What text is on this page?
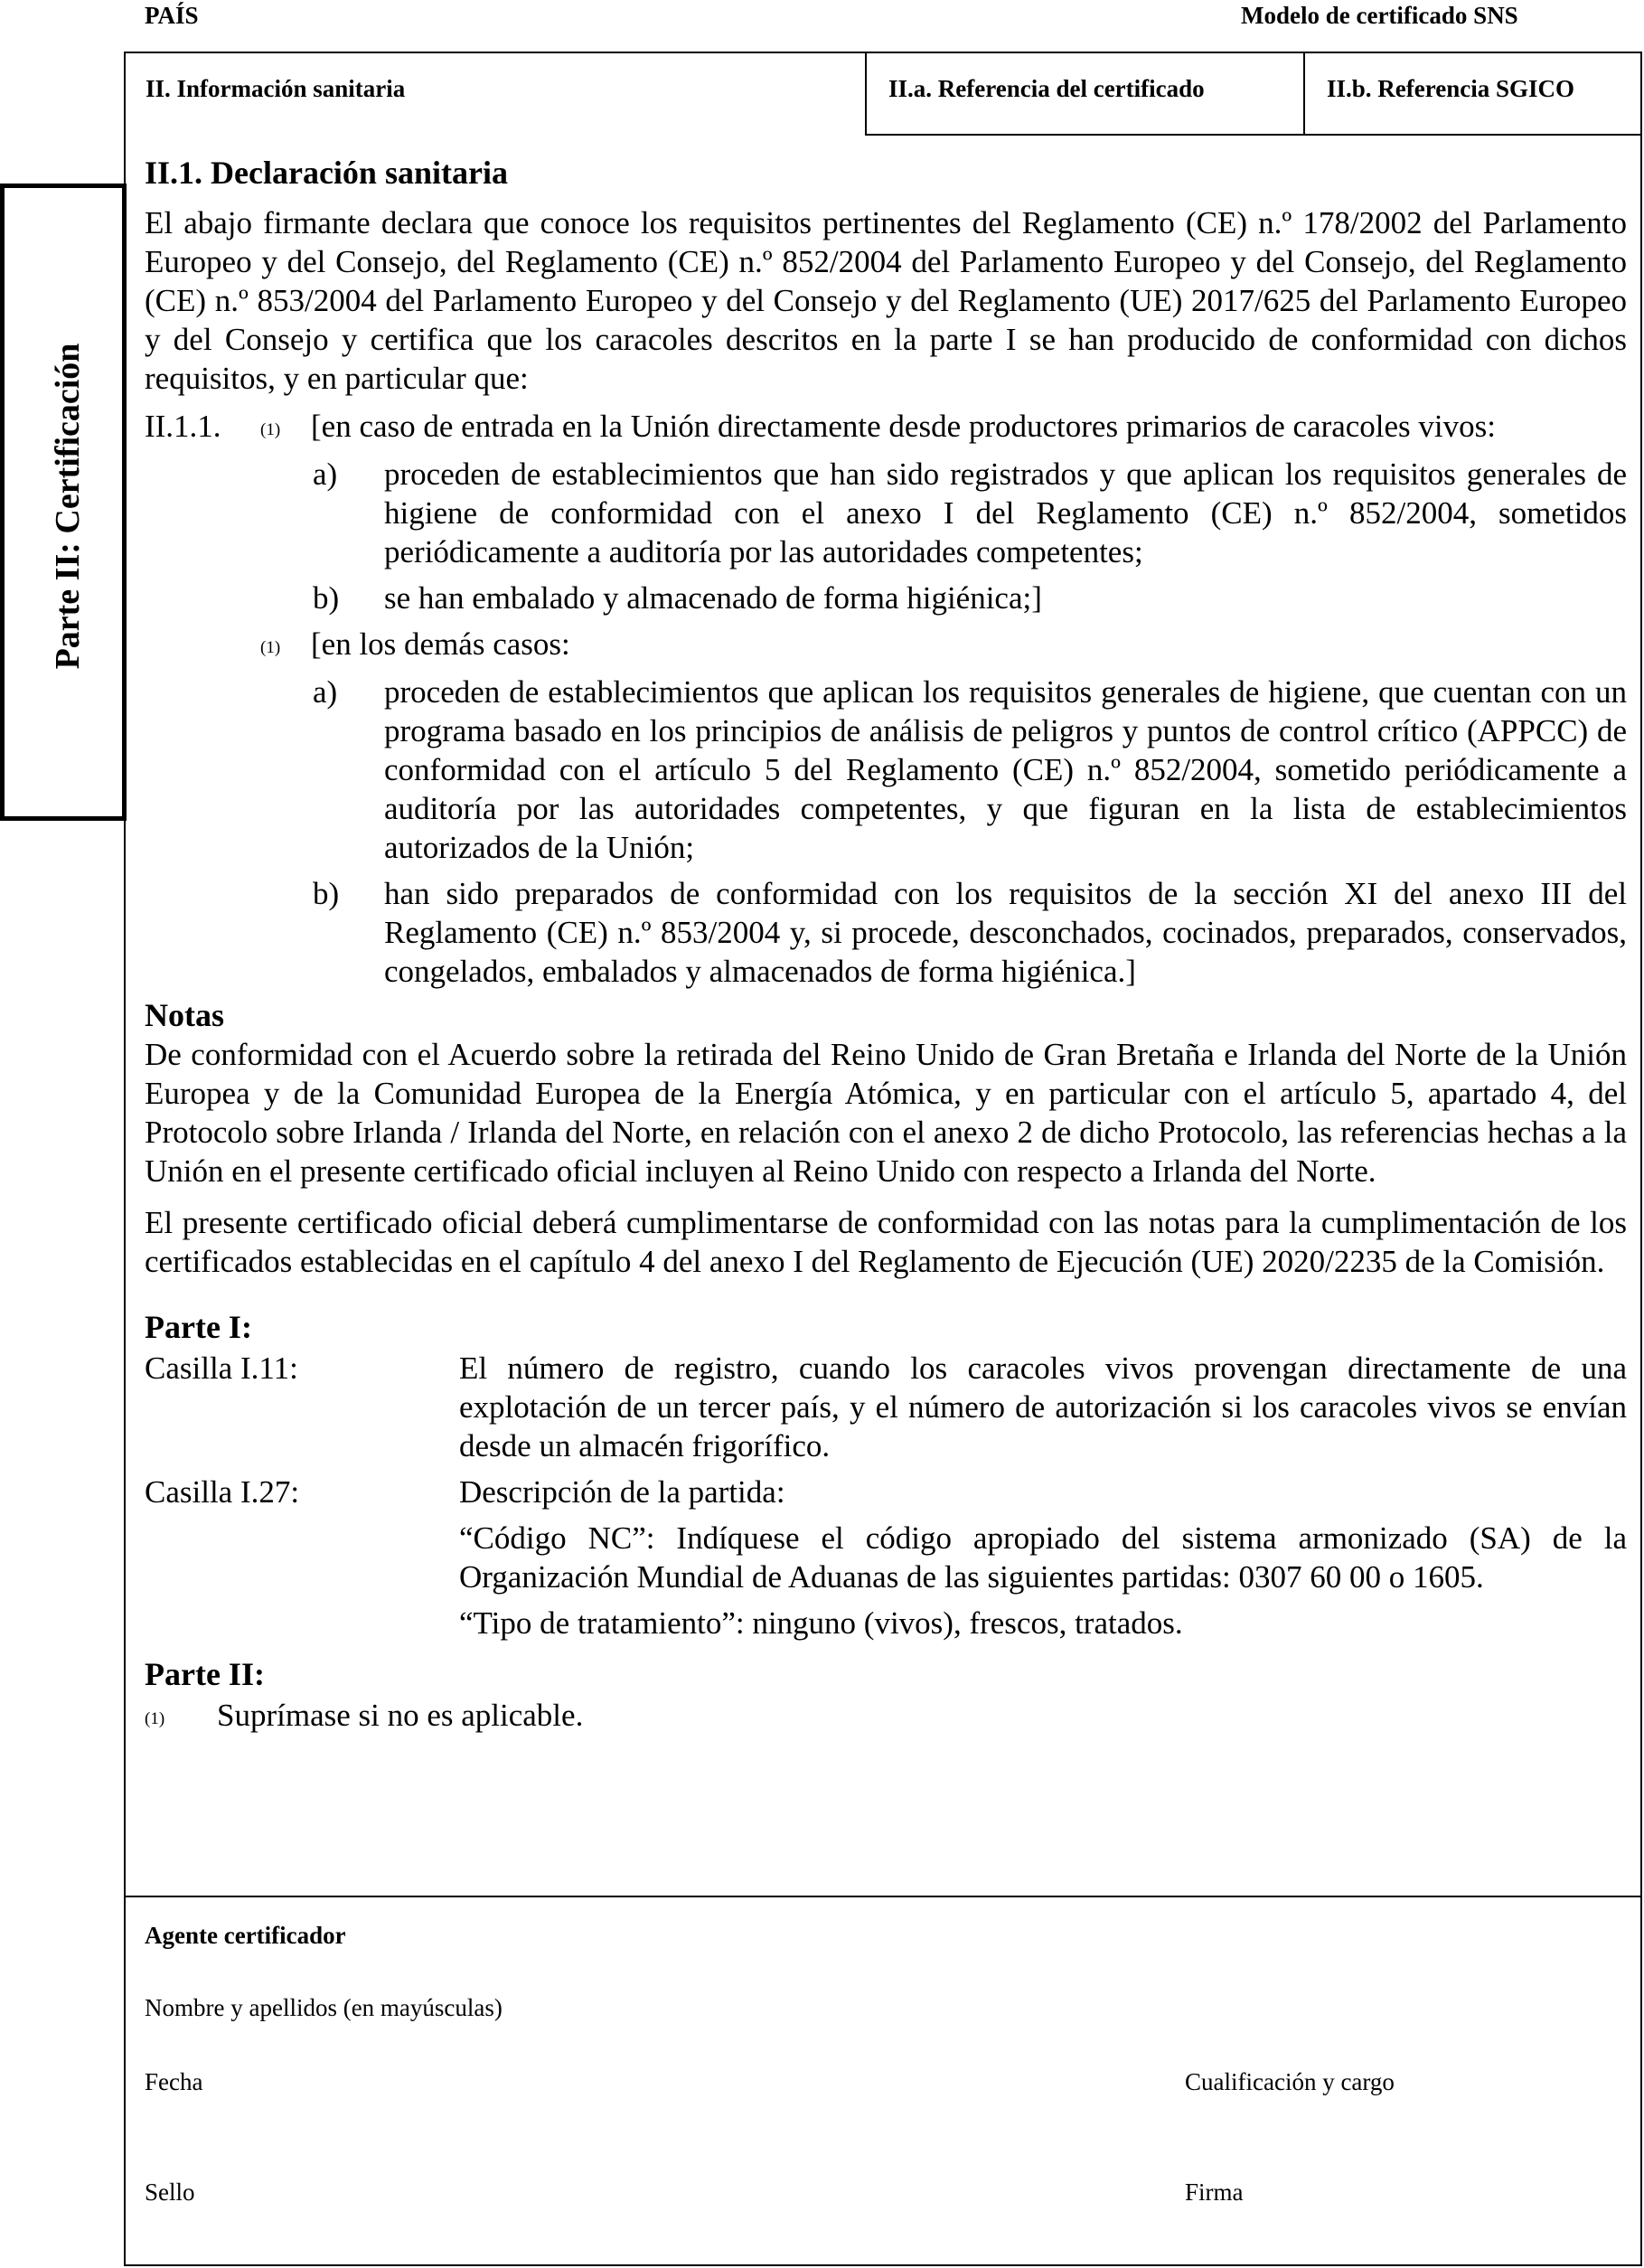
PAÍS	Modelo de certificado SNS
II. Información sanitaria	II.a. Referencia del certificado	II.b. Referencia SGICO
Parte II: Certificación
II.1. Declaración sanitaria

El abajo firmante declara que conoce los requisitos pertinentes del Reglamento (CE) n.º 178/2002 del Parlamento Europeo y del Consejo, del Reglamento (CE) n.º 852/2004 del Parlamento Europeo y del Consejo, del Reglamento (CE) n.º 853/2004 del Parlamento Europeo y del Consejo y del Reglamento (UE) 2017/625 del Parlamento Europeo y del Consejo y certifica que los caracoles descritos en la parte I se han producido de conformidad con dichos requisitos, y en particular que:

II.1.1. (1) [en caso de entrada en la Unión directamente desde productores primarios de caracoles vivos:
a) proceden de establecimientos que han sido registrados y que aplican los requisitos generales de higiene de conformidad con el anexo I del Reglamento (CE) n.º 852/2004, sometidos periódicamente a auditoría por las autoridades competentes;
b) se han embalado y almacenado de forma higiénica;]
(1) [en los demás casos:
a) proceden de establecimientos que aplican los requisitos generales de higiene, que cuentan con un programa basado en los principios de análisis de peligros y puntos de control crítico (APPCC) de conformidad con el artículo 5 del Reglamento (CE) n.º 852/2004, sometido periódicamente a auditoría por las autoridades competentes, y que figuran en la lista de establecimientos autorizados de la Unión;
b) han sido preparados de conformidad con los requisitos de la sección XI del anexo III del Reglamento (CE) n.º 853/2004 y, si procede, desconchados, cocinados, preparados, conservados, congelados, embalados y almacenados de forma higiénica.]
Notas

De conformidad con el Acuerdo sobre la retirada del Reino Unido de Gran Bretaña e Irlanda del Norte de la Unión Europea y de la Comunidad Europea de la Energía Atómica, y en particular con el artículo 5, apartado 4, del Protocolo sobre Irlanda / Irlanda del Norte, en relación con el anexo 2 de dicho Protocolo, las referencias hechas a la Unión en el presente certificado oficial incluyen al Reino Unido con respecto a Irlanda del Norte.

El presente certificado oficial deberá cumplimentarse de conformidad con las notas para la cumplimentación de los certificados establecidas en el capítulo 4 del anexo I del Reglamento de Ejecución (UE) 2020/2235 de la Comisión.

Parte I:
Casilla I.11:	El número de registro, cuando los caracoles vivos provengan directamente de una explotación de un tercer país, y el número de autorización si los caracoles vivos se envían desde un almacén frigorífico.
Casilla I.27:	Descripción de la partida:
“Código NC”: Indíquese el código apropiado del sistema armonizado (SA) de la Organización Mundial de Aduanas de las siguientes partidas: 0307 60 00 o 1605.
“Tipo de tratamiento”: ninguno (vivos), frescos, tratados.
Parte II:
(1) Suprímase si no es aplicable.
Agente certificador
Nombre y apellidos (en mayúsculas)
Fecha	Cualificación y cargo
Sello	Firma
